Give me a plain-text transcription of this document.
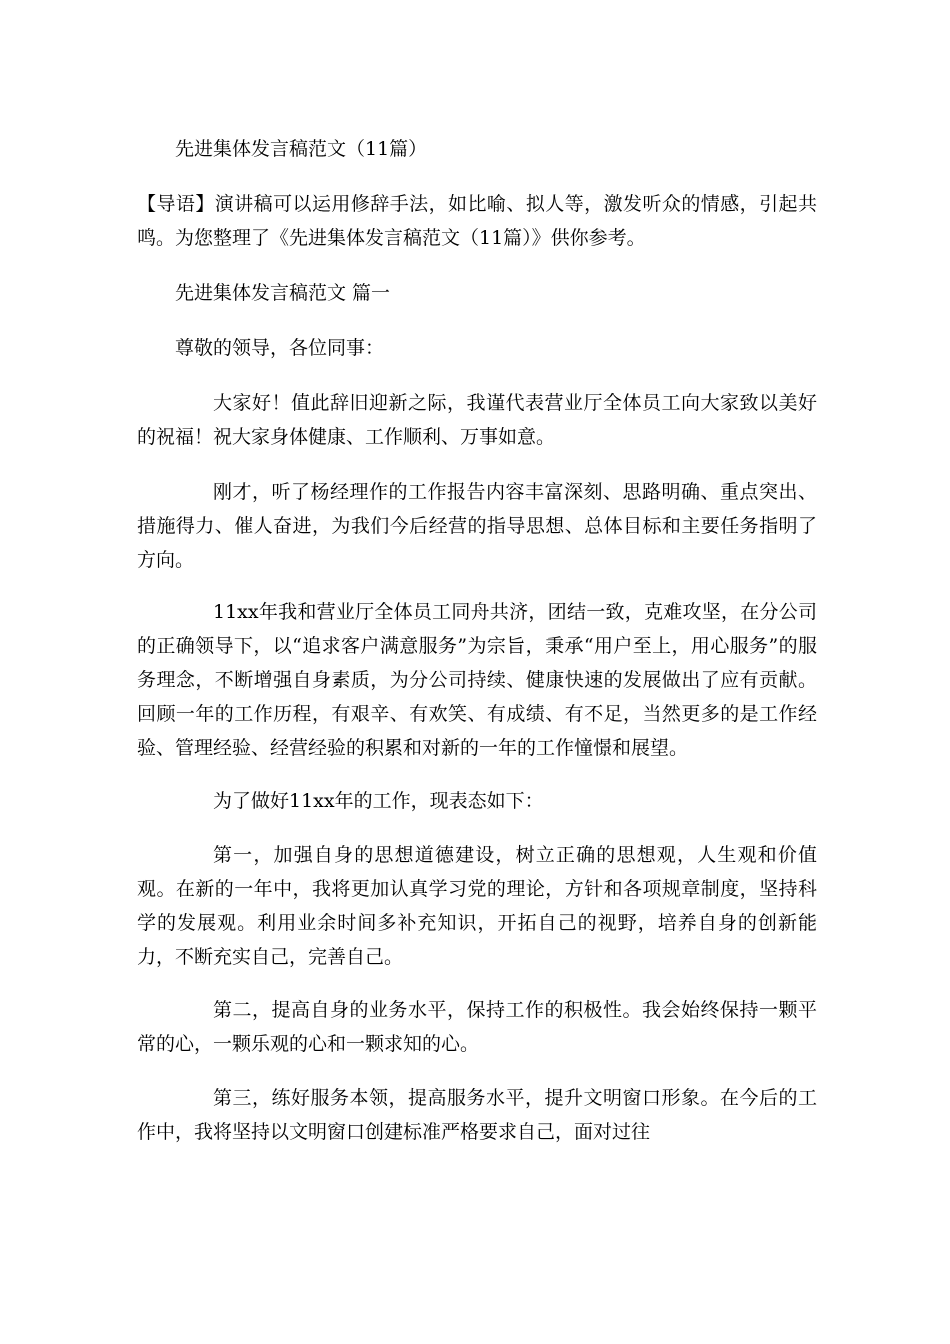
先进集体发言稿范文（11篇）

【导语】演讲稿可以运用修辞手法，如比喻、拟人等，激发听众的情感，引起共鸣。为您整理了《先进集体发言稿范文（11篇）》供你参考。

先进集体发言稿范文 篇一

尊敬的领导，各位同事：

大家好！值此辞旧迎新之际，我谨代表营业厅全体员工向大家致以美好的祝福！祝大家身体健康、工作顺利、万事如意。

刚才，听了杨经理作的工作报告内容丰富深刻、思路明确、重点突出、措施得力、催人奋进，为我们今后经营的指导思想、总体目标和主要任务指明了方向。

11xx年我和营业厅全体员工同舟共济，团结一致，克难攻坚，在分公司的正确领导下，以“追求客户满意服务”为宗旨，秉承“用户至上，用心服务”的服务理念，不断增强自身素质，为分公司持续、健康快速的发展做出了应有贡献。回顾一年的工作历程，有艰辛、有欢笑、有成绩、有不足，当然更多的是工作经验、管理经验、经营经验的积累和对新的一年的工作憧憬和展望。

为了做好11xx年的工作，现表态如下：

第一，加强自身的思想道德建设，树立正确的思想观，人生观和价值观。在新的一年中，我将更加认真学习党的理论，方针和各项规章制度，坚持科学的发展观。利用业余时间多补充知识，开拓自己的视野，培养自身的创新能力，不断充实自己，完善自己。

第二，提高自身的业务水平，保持工作的积极性。我会始终保持一颗平常的心，一颗乐观的心和一颗求知的心。

第三，练好服务本领，提高服务水平，提升文明窗口形象。在今后的工作中，我将坚持以文明窗口创建标准严格要求自己，面对过往
